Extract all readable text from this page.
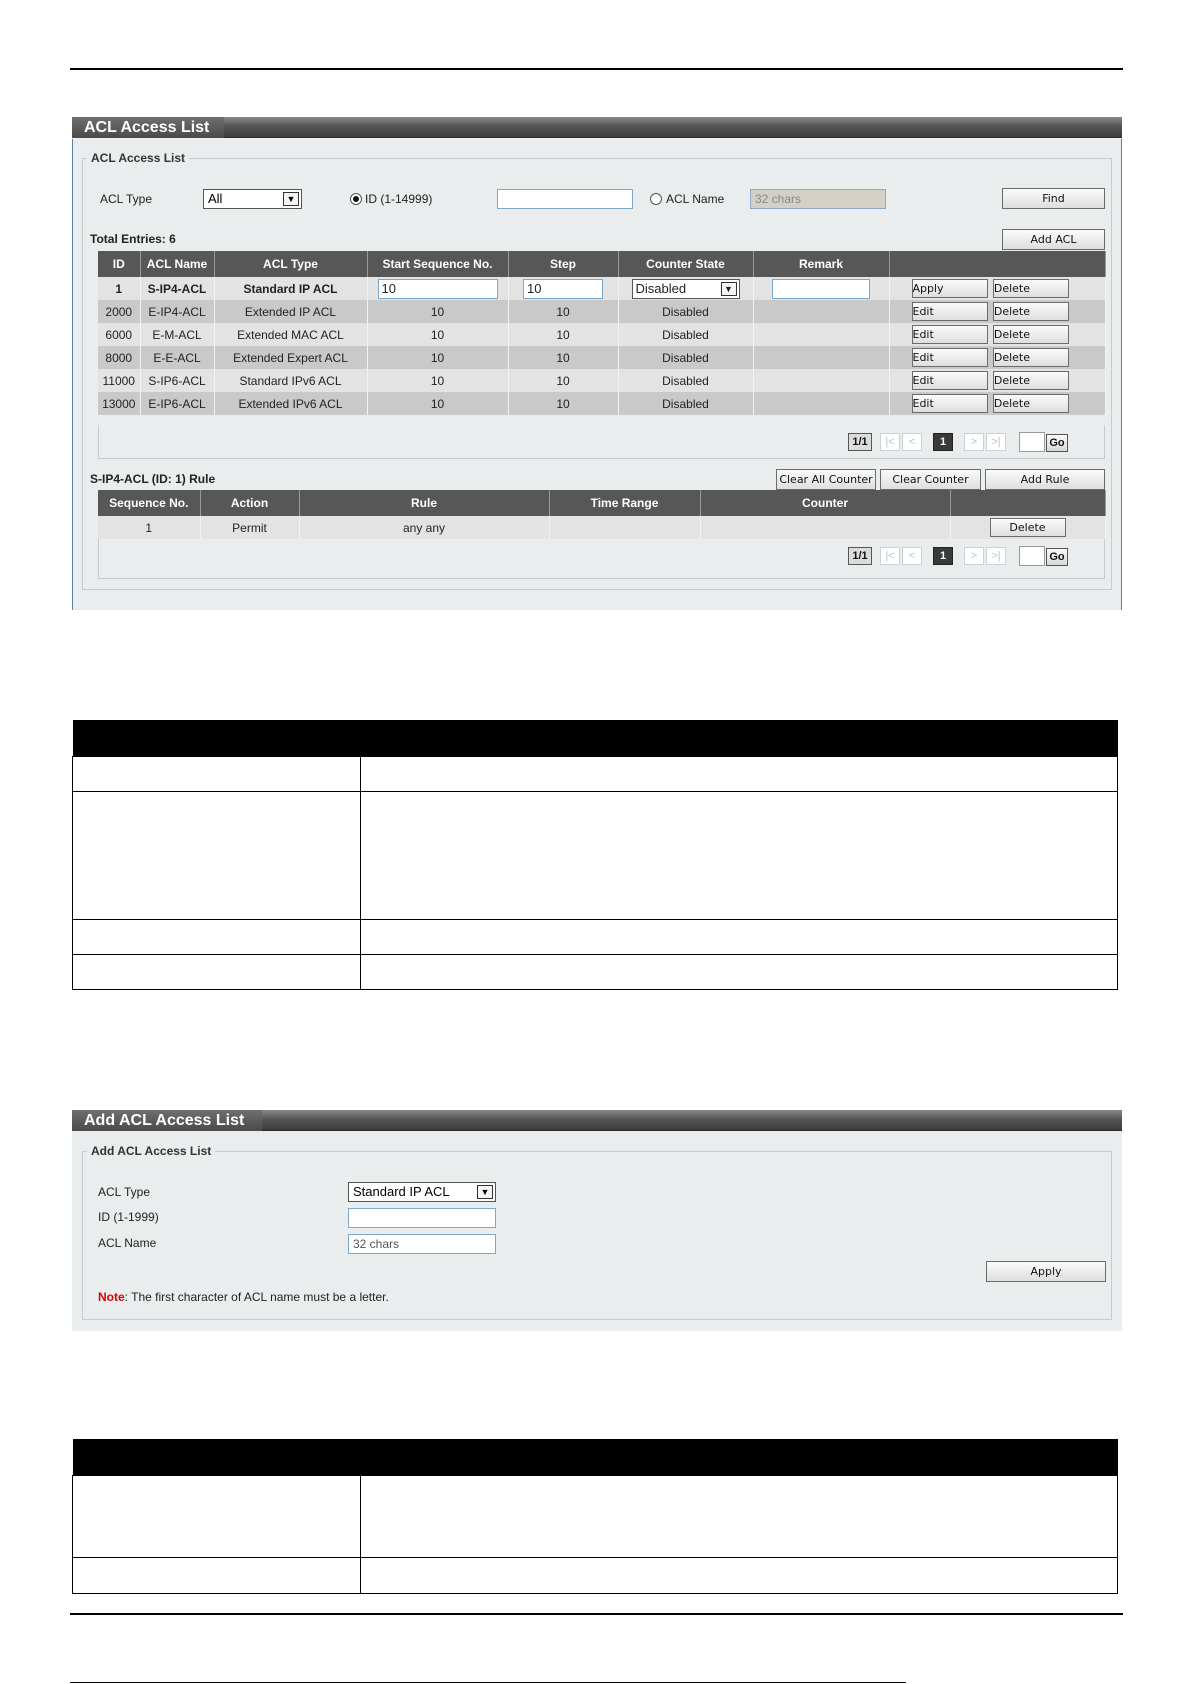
ACL Access List
ACL Access List
ACL Type	All	▼	ID (1-14999)	ACL Name	32 chars	Find
Total Entries: 6	Add ACL
ID	ACL Name	ACL Type	Start Sequence No.	Step	Counter State	Remark	
1	S-IP4-ACL	Standard IP ACL	10	10	Disabled ▼		Apply Delete
2000	E-IP4-ACL	Extended IP ACL	10	10	Disabled		Edit Delete
6000	E-M-ACL	Extended MAC ACL	10	10	Disabled		Edit Delete
8000	E-E-ACL	Extended Expert ACL	10	10	Disabled		Edit Delete
11000	S-IP6-ACL	Standard IPv6 ACL	10	10	Disabled		Edit Delete
13000	E-IP6-ACL	Extended IPv6 ACL	10	10	Disabled		Edit Delete
1/1	|<	<	1	>	>|	Go
S-IP4-ACL (ID: 1) Rule	Clear All Counter	Clear Counter	Add Rule
Sequence No.	Action	Rule	Time Range	Counter	
1	Permit	any any			Delete
1/1	|<	<	1	>	>|	Go

Add ACL Access List
Add ACL Access List
ACL Type	Standard IP ACL	▼
ID (1-1999)
ACL Name	32 chars
Apply
Note: The first character of ACL name must be a letter.
